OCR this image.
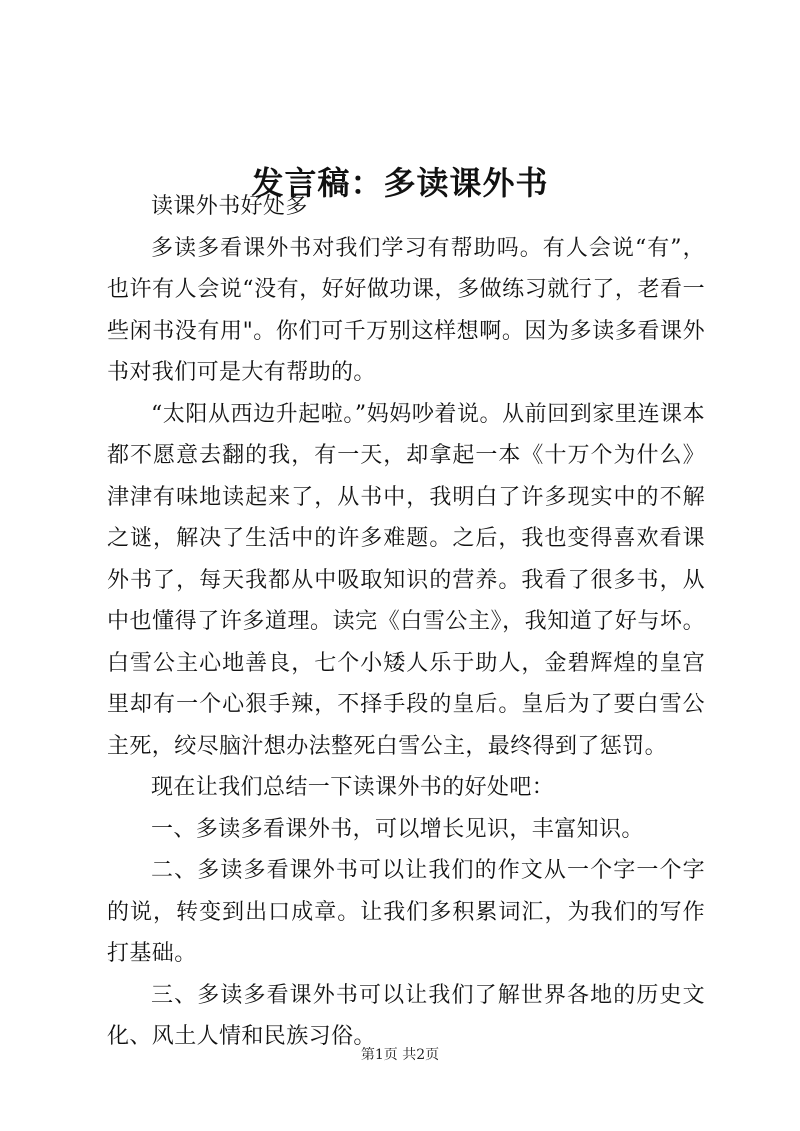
发言稿：多读课外书

读课外书好处多

多读多看课外书对我们学习有帮助吗。有人会说“有”，也许有人会说“没有，好好做功课，多做练习就行了，老看一些闲书没有用"。你们可千万别这样想啊。因为多读多看课外书对我们可是大有帮助的。

“太阳从西边升起啦。”妈妈吵着说。从前回到家里连课本都不愿意去翻的我，有一天，却拿起一本《十万个为什么》津津有味地读起来了，从书中，我明白了许多现实中的不解之谜，解决了生活中的许多难题。之后，我也变得喜欢看课外书了，每天我都从中吸取知识的营养。我看了很多书，从中也懂得了许多道理。读完《白雪公主》，我知道了好与坏。白雪公主心地善良，七个小矮人乐于助人，金碧辉煌的皇宫里却有一个心狠手辣，不择手段的皇后。皇后为了要白雪公主死，绞尽脑汁想办法整死白雪公主，最终得到了惩罚。

现在让我们总结一下读课外书的好处吧：

一、多读多看课外书，可以增长见识，丰富知识。

二、多读多看课外书可以让我们的作文从一个字一个字的说，转变到出口成章。让我们多积累词汇，为我们的写作打基础。

三、多读多看课外书可以让我们了解世界各地的历史文化、风土人情和民族习俗。

第1页 共2页
